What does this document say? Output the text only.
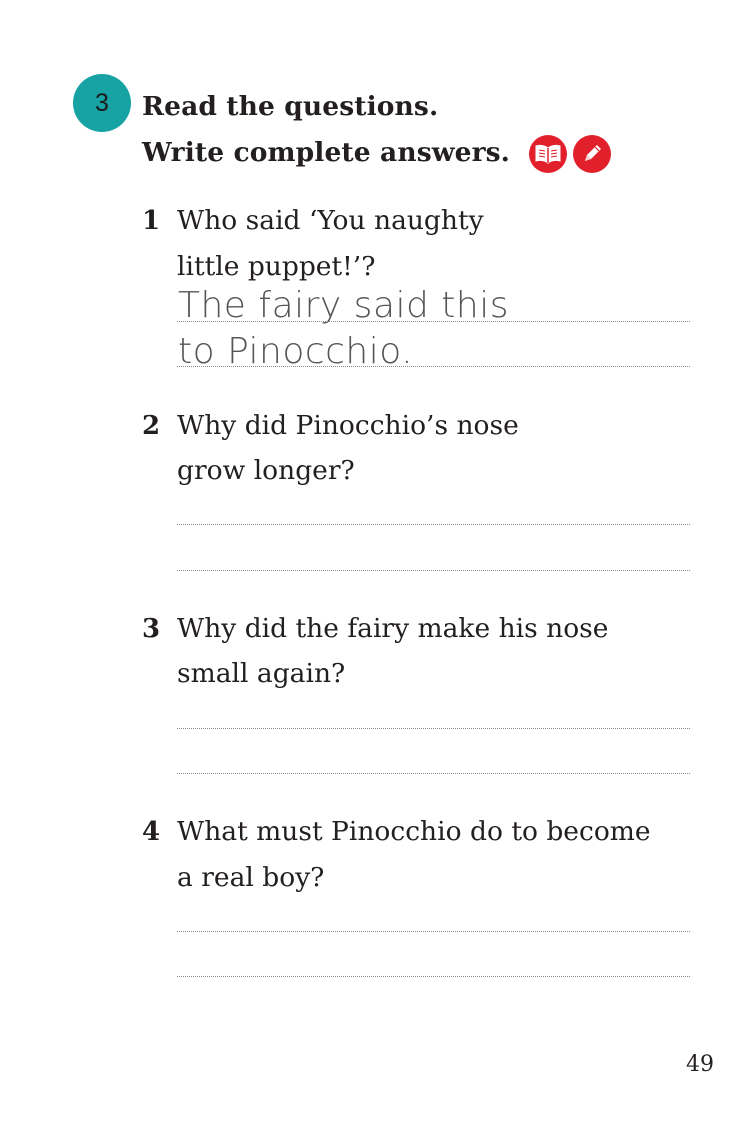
3 Read the questions.
Write complete answers.
1 Who said ‘You naughty
little puppet!’?
The fairy said this
to Pinocchio.
2 Why did Pinocchio’s nose
grow longer?
3 Why did the fairy make his nose
small again?
4 What must Pinocchio do to become
a real boy?
49
